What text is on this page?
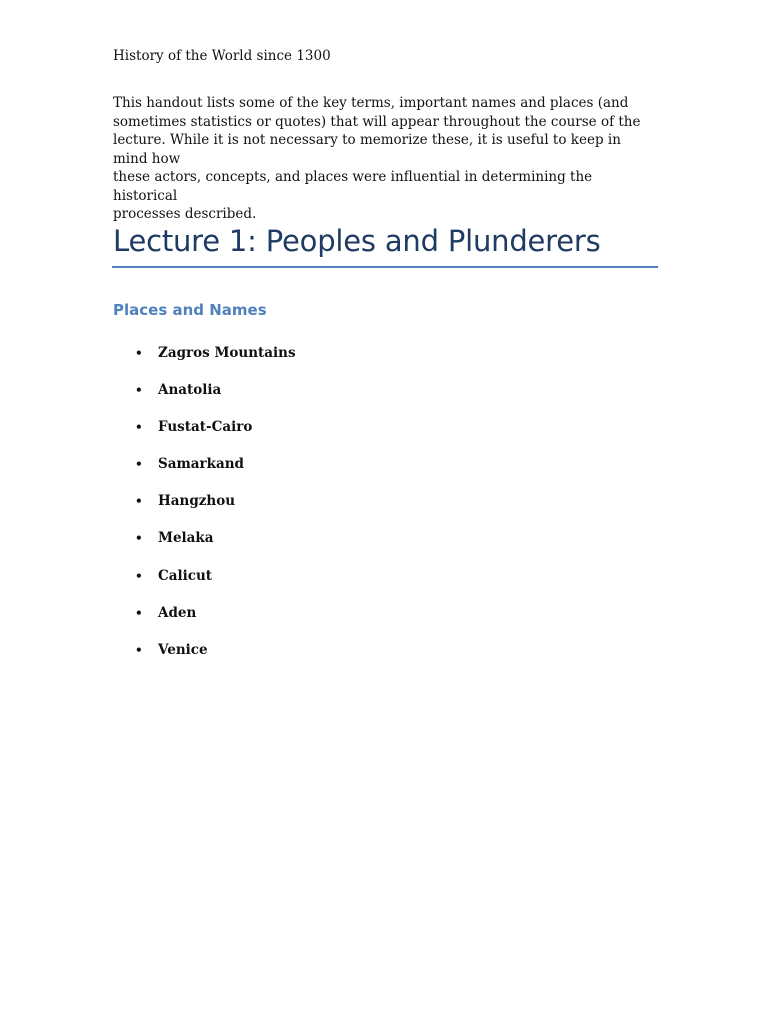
History of the World since 1300
This handout lists some of the key terms, important names and places (and
sometimes statistics or quotes) that will appear throughout the course of the
lecture. While it is not necessary to memorize these, it is useful to keep in mind how
these actors, concepts, and places were influential in determining the historical
processes described.
Lecture 1: Peoples and Plunderers
Places and Names
•	Zagros Mountains
•	Anatolia
•	Fustat-Cairo
•	Samarkand
•	Hangzhou
•	Melaka
•	Calicut
•	Aden
•	Venice
